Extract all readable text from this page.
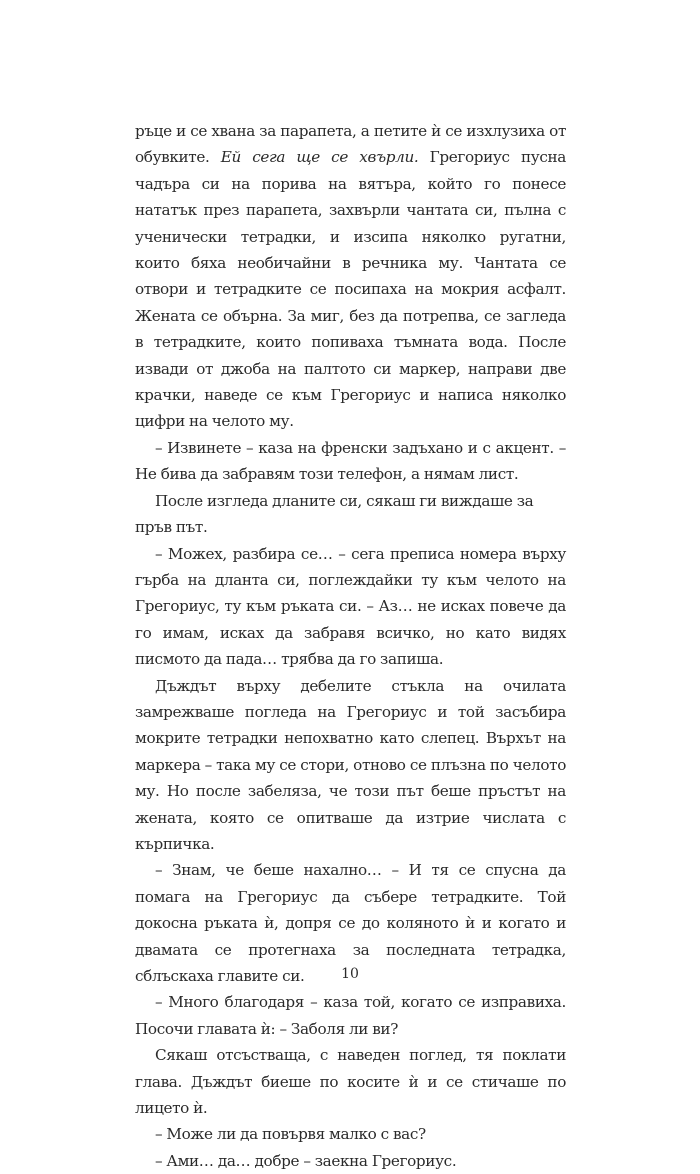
ръце и се хвана за парапета, а петите ѝ се изхлузиха от обувките. Ей сега ще се хвърли. Грегориус пусна чадъра си на порива на вятъра, който го понесе нататък през парапета, захвърли чантата си, пълна с ученически тетрадки, и изсипа няколко ругатни, които бяха необичайни в речника му. Чантата се отвори и тетрадките се посипаха на мокрия асфалт. Жената се обърна. За миг, без да потрепва, се загледа в тетрадките, които попиваха тъмната вода. После извади от джоба на палтото си маркер, направи две крачки, наведе се към Грегориус и написа няколко цифри на челото му.

– Извинете – каза на френски задъхано и с акцент. – Не бива да забравям този телефон, а нямам лист.

После изгледа дланите си, сякаш ги виждаше за пръв път.

– Можех, разбира се… – сега преписа номера върху гърба на дланта си, поглеждайки ту към челото на Грегориус, ту към ръката си. – Аз… не исках повече да го имам, исках да забравя всичко, но като видях писмото да пада… трябва да го запиша.

Дъждът върху дебелите стъкла на очилата замрежваше погледа на Грегориус и той засъбира мокрите тетрадки непохватно като слепец. Върхът на маркера – така му се стори, отново се плъзна по челото му. Но после забеляза, че този път беше пръстът на жената, която се опитваше да изтрие числата с кърпичка.

– Знам, че беше нахално… – И тя се спусна да помага на Грегориус да събере тетрадките. Той докосна ръката ѝ, допря се до коляното ѝ и когато и двамата се протегнаха за последната тетрадка, сблъскаха главите си.

– Много благодаря – каза той, когато се изправиха. Посочи главата ѝ: – Заболя ли ви?

Сякаш отсъстваща, с наведен поглед, тя поклати глава. Дъждът биеше по косите ѝ и се стичаше по лицето ѝ.

– Може ли да повървя малко с вас?

– Ами… да… добре – заекна Грегориус.

10
